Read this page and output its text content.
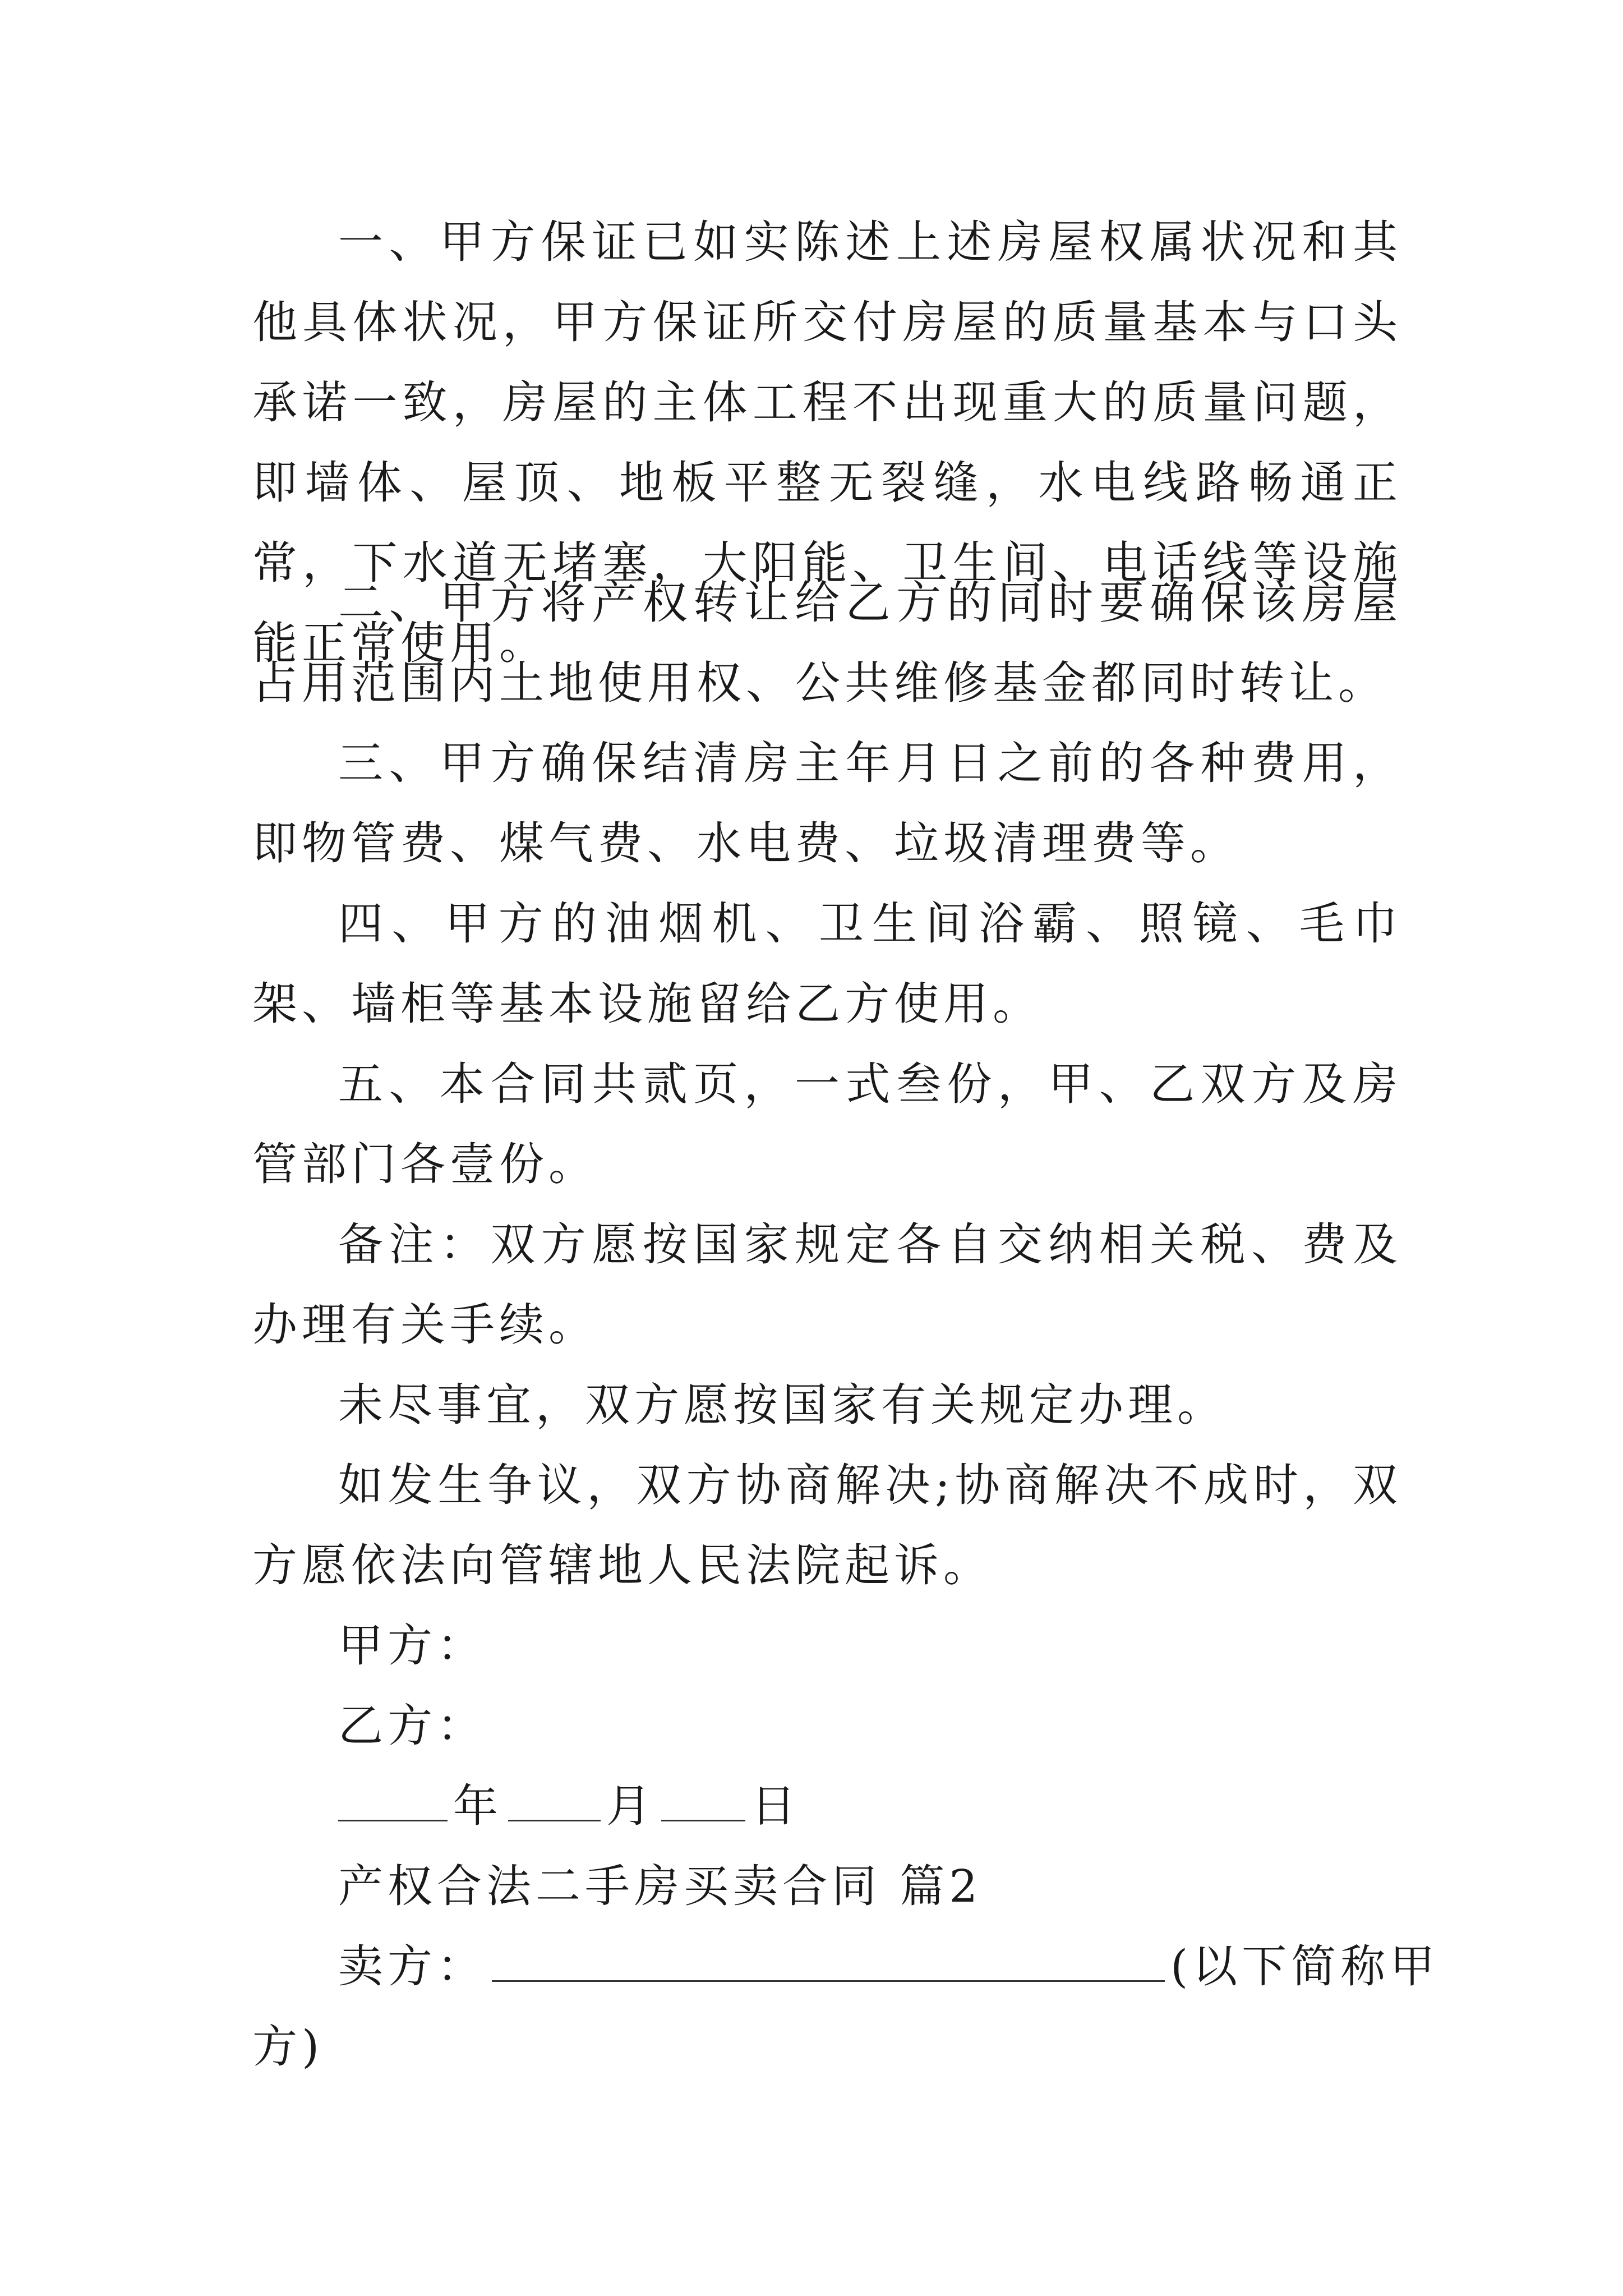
一、甲方保证已如实陈述上述房屋权属状况和其他具体状况，甲方保证所交付房屋的质量基本与口头承诺一致，房屋的主体工程不出现重大的质量问题，即墙体、屋顶、地板平整无裂缝，水电线路畅通正常，下水道无堵塞，大阳能、卫生间、电话线等设施能正常使用。

二、甲方将产权转让给乙方的同时要确保该房屋占用范围内土地使用权、公共维修基金都同时转让。

三、甲方确保结清房主年月日之前的各种费用，即物管费、煤气费、水电费、垃圾清理费等。

四、甲方的油烟机、卫生间浴霸、照镜、毛巾架、墙柜等基本设施留给乙方使用。

五、本合同共贰页，一式叁份，甲、乙双方及房管部门各壹份。

备注：双方愿按国家规定各自交纳相关税、费及办理有关手续。

未尽事宜，双方愿按国家有关规定办理。

如发生争议，双方协商解决;协商解决不成时，双方愿依法向管辖地人民法院起诉。

甲方：

乙方：

年 月 日

产权合法二手房买卖合同 篇2

卖方：	(以下简称甲

方)
